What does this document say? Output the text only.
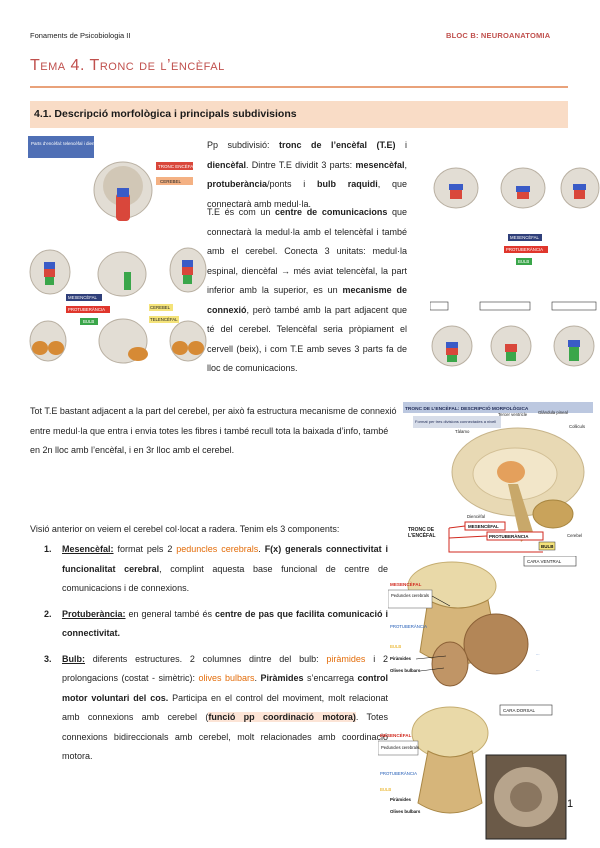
Fonaments de Psicobiologia II	BLOC B: NEUROANATOMIA
Tema 4. Tronc de l’encèfal
4.1. Descripció morfològica i principals subdivisions
Parts d’encèfal: telencèfal i diencèfal
TRONC ENCÈFAL
CEREBEL
MESENCÈFAL
PROTUBERÀNCIA
BULB
CEREBEL
TELENCÈFAL
Pp subdivisió: tronc de l’encèfal (T.E) i diencèfal. Dintre T.E dividit 3 parts: mesencèfal, protuberància/ponts i bulb raquidi, que connectarà amb medul·la.
T.E és com un centre de comunicacions que connectarà la medul·la amb el telencèfal i també amb el cerebel. Conecta 3 unitats: medul·la espinal, diencèfal → més aviat telencèfal, la part inferior amb la superior, es un mecanisme de connexió, però també amb la part adjacent que té del cerebel. Telencèfal seria pròpiament el cervell (beix), i com T.E amb seves 3 parts fa de lloc de comunicacions.
MESENCÈFAL
PROTUBERÀNCIA
BULB
TRONC DE L’ENCÈFAL: DESCRIPCIÓ MORFOLÒGICA
Format per tres divisions connectades a nivell
Tàlamo
Tercer ventricle	Glàndula pineal
Colliculs
Diencèfal
Cerebel
MESENCÈFAL
PROTUBERÀNCIA
BULB
TRONC DE L’ENCÈFAL
Tot T.E bastant adjacent a la part del cerebel, per això fa estructura mecanisme de connexió entre medul·la que entra i envia totes les fibres i també recull tota la baixada d’info, també en 2n lloc amb l’encèfal, i en 3r lloc amb el cerebel.
Visió anterior on veiem el cerebel col·locat a radera. Tenim els 3 components:
1. Mesencèfal: format pels 2 peduncles cerebrals. F(x) generals connectivitat i funcionalitat cerebral, complint aquesta base funcional de centre de comunicacions i de connexions.
2. Protuberància: en general també és centre de pas que facilita comunicació i connectivitat.
3. Bulb: diferents estructures. 2 columnes dintre del bulb: piràmides i 2 prolongacions (costat - simètric): olives bulbars. Piràmides s’encarrega control motor voluntari del cos. Participa en el control del moviment, molt relacionat amb connexions amb cerebel (funció pp coordinació motora). Totes connexions bidireccionals amb cerebel, molt relacionades amb coordinació motora.
CARA VENTRAL
MESENCÈFAL
Peduncles cerebrals
PROTUBERÀNCIA
BULB
Piràmides
Olives bulbars
···
···
CARA DORSAL
MESENCÈFAL
Peduncles cerebrals
PROTUBERÀNCIA
BULB
Piràmides
Olives bulbars
1
